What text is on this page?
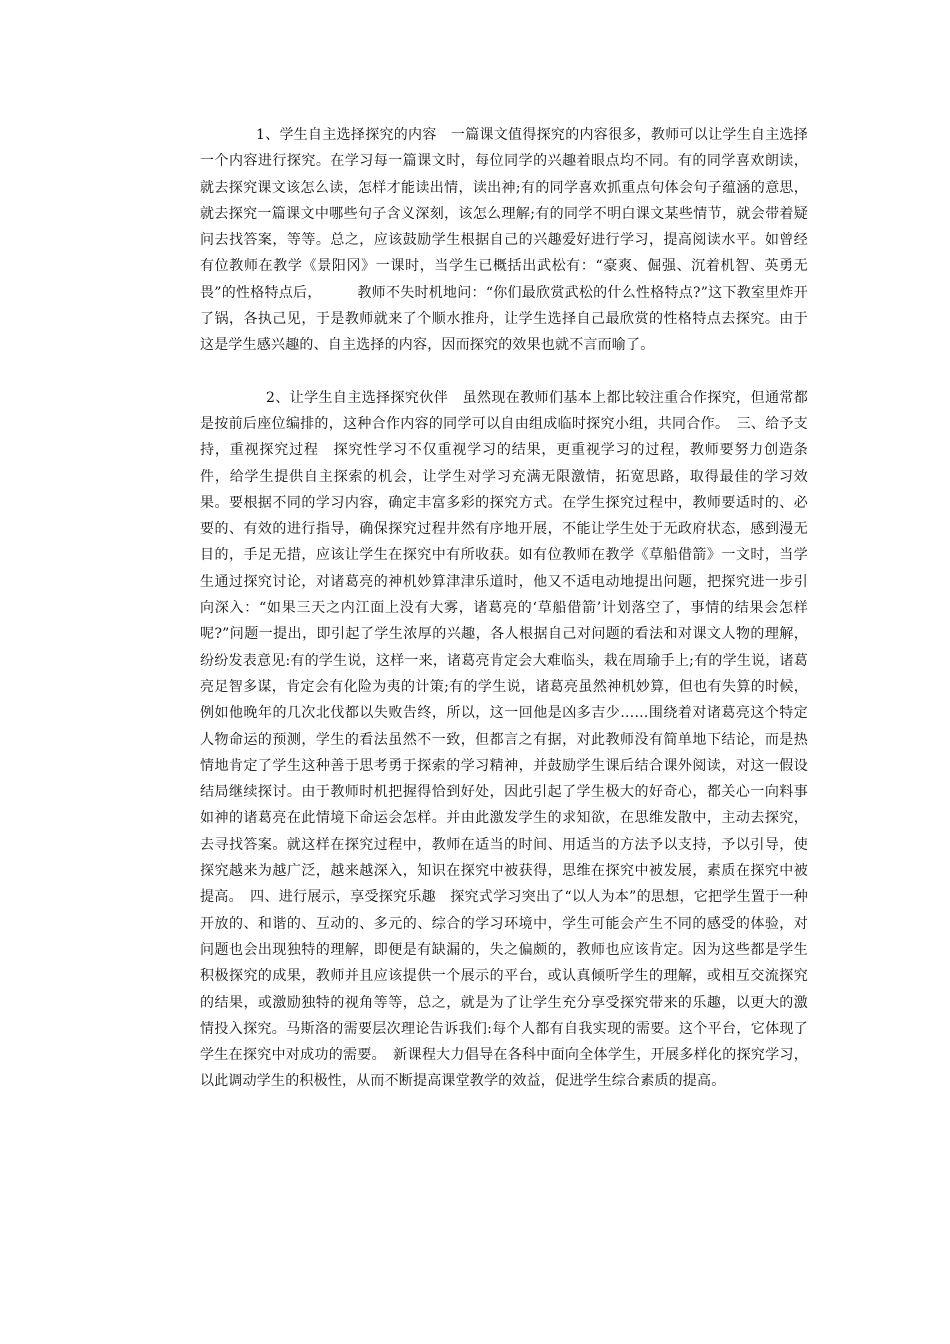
1、学生自主选择探究的内容　一篇课文值得探究的内容很多，教师可以让学生自主选择一个内容进行探究。在学习每一篇课文时，每位同学的兴趣着眼点均不同。有的同学喜欢朗读，就去探究课文该怎么读，怎样才能读出情，读出神;有的同学喜欢抓重点句体会句子蕴涵的意思，就去探究一篇课文中哪些句子含义深刻，该怎么理解;有的同学不明白课文某些情节，就会带着疑问去找答案，等等。总之，应该鼓励学生根据自己的兴趣爱好进行学习，提高阅读水平。如曾经有位教师在教学《景阳冈》一课时，当学生已概括出武松有：“豪爽、倔强、沉着机智、英勇无畏”的性格特点后，　　　教师不失时机地问：“你们最欣赏武松的什么性格特点?”这下教室里炸开了锅，各执己见，于是教师就来了个顺水推舟，让学生选择自己最欣赏的性格特点去探究。由于这是学生感兴趣的、自主选择的内容，因而探究的效果也就不言而喻了。

2、让学生自主选择探究伙伴　虽然现在教师们基本上都比较注重合作探究，但通常都是按前后座位编排的，这种合作内容的同学可以自由组成临时探究小组，共同合作。　三、给予支持，重视探究过程　探究性学习不仅重视学习的结果，更重视学习的过程，教师要努力创造条件，给学生提供自主探索的机会，让学生对学习充满无限激情，拓宽思路，取得最佳的学习效果。要根据不同的学习内容，确定丰富多彩的探究方式。在学生探究过程中，教师要适时的、必要的、有效的进行指导，确保探究过程井然有序地开展，不能让学生处于无政府状态，感到漫无目的，手足无措，应该让学生在探究中有所收获。如有位教师在教学《草船借箭》一文时，当学生通过探究讨论，对诸葛亮的神机妙算津津乐道时，他又不适电动地提出问题，把探究进一步引向深入：“如果三天之内江面上没有大雾，诸葛亮的‘草船借箭’计划落空了，事情的结果会怎样呢?”问题一提出，即引起了学生浓厚的兴趣，各人根据自己对问题的看法和对课文人物的理解，纷纷发表意见:有的学生说，这样一来，诸葛亮肯定会大难临头，栽在周瑜手上;有的学生说，诸葛亮足智多谋，肯定会有化险为夷的计策;有的学生说，诸葛亮虽然神机妙算，但也有失算的时候，例如他晚年的几次北伐都以失败告终，所以，这一回他是凶多吉少……围绕着对诸葛亮这个特定人物命运的预测，学生的看法虽然不一致，但都言之有据，对此教师没有简单地下结论，而是热情地肯定了学生这种善于思考勇于探索的学习精神，并鼓励学生课后结合课外阅读，对这一假设结局继续探讨。由于教师时机把握得恰到好处，因此引起了学生极大的好奇心，都关心一向料事如神的诸葛亮在此情境下命运会怎样。并由此激发学生的求知欲，在思维发散中，主动去探究，去寻找答案。就这样在探究过程中，教师在适当的时间、用适当的方法予以支持，予以引导，使探究越来为越广泛，越来越深入，知识在探究中被获得，思维在探究中被发展，素质在探究中被提高。　四、进行展示，享受探究乐趣　探究式学习突出了“以人为本”的思想，它把学生置于一种开放的、和谐的、互动的、多元的、综合的学习环境中，学生可能会产生不同的感受的体验，对问题也会出现独特的理解，即便是有缺漏的，失之偏颇的，教师也应该肯定。因为这些都是学生积极探究的成果，教师并且应该提供一个展示的平台，或认真倾听学生的理解，或相互交流探究的结果，或激励独特的视角等等，总之，就是为了让学生充分享受探究带来的乐趣，以更大的激情投入探究。马斯洛的需要层次理论告诉我们:每个人都有自我实现的需要。这个平台，它体现了学生在探究中对成功的需要。　新课程大力倡导在各科中面向全体学生，开展多样化的探究学习，以此调动学生的积极性，从而不断提高课堂教学的效益，促进学生综合素质的提高。
